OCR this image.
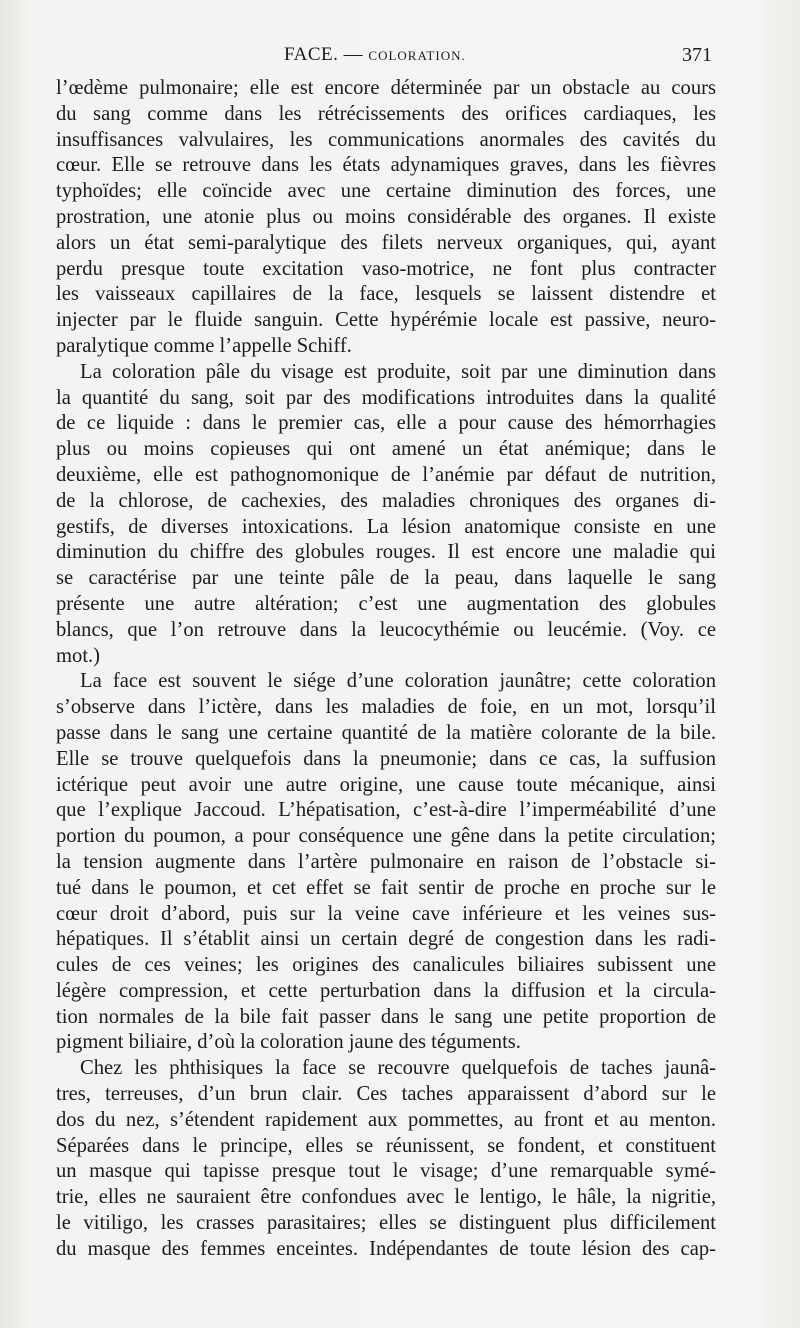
FACE. — COLORATION.	371
l’œdème pulmonaire; elle est encore déterminée par un obstacle au cours
du sang comme dans les rétrécissements des orifices cardiaques, les
insuffisances valvulaires, les communications anormales des cavités du
cœur. Elle se retrouve dans les états adynamiques graves, dans les fièvres
typhoïdes; elle coïncide avec une certaine diminution des forces, une
prostration, une atonie plus ou moins considérable des organes. Il existe
alors un état semi-paralytique des filets nerveux organiques, qui, ayant
perdu presque toute excitation vaso-motrice, ne font plus contracter
les vaisseaux capillaires de la face, lesquels se laissent distendre et
injecter par le fluide sanguin. Cette hypérémie locale est passive, neuro-
paralytique comme l’appelle Schiff.
La coloration pâle du visage est produite, soit par une diminution dans
la quantité du sang, soit par des modifications introduites dans la qualité
de ce liquide : dans le premier cas, elle a pour cause des hémorrhagies
plus ou moins copieuses qui ont amené un état anémique; dans le
deuxième, elle est pathognomonique de l’anémie par défaut de nutrition,
de la chlorose, de cachexies, des maladies chroniques des organes di-
gestifs, de diverses intoxications. La lésion anatomique consiste en une
diminution du chiffre des globules rouges. Il est encore une maladie qui
se caractérise par une teinte pâle de la peau, dans laquelle le sang
présente une autre altération; c’est une augmentation des globules
blancs, que l’on retrouve dans la leucocythémie ou leucémie. (Voy. ce
mot.)
La face est souvent le siége d’une coloration jaunâtre; cette coloration
s’observe dans l’ictère, dans les maladies de foie, en un mot, lorsqu’il
passe dans le sang une certaine quantité de la matière colorante de la bile.
Elle se trouve quelquefois dans la pneumonie; dans ce cas, la suffusion
ictérique peut avoir une autre origine, une cause toute mécanique, ainsi
que l’explique Jaccoud. L’hépatisation, c’est-à-dire l’imperméabilité d’une
portion du poumon, a pour conséquence une gêne dans la petite circulation;
la tension augmente dans l’artère pulmonaire en raison de l’obstacle si-
tué dans le poumon, et cet effet se fait sentir de proche en proche sur le
cœur droit d’abord, puis sur la veine cave inférieure et les veines sus-
hépatiques. Il s’établit ainsi un certain degré de congestion dans les radi-
cules de ces veines; les origines des canalicules biliaires subissent une
légère compression, et cette perturbation dans la diffusion et la circula-
tion normales de la bile fait passer dans le sang une petite proportion de
pigment biliaire, d’où la coloration jaune des téguments.
Chez les phthisiques la face se recouvre quelquefois de taches jaunâ-
tres, terreuses, d’un brun clair. Ces taches apparaissent d’abord sur le
dos du nez, s’étendent rapidement aux pommettes, au front et au menton.
Séparées dans le principe, elles se réunissent, se fondent, et constituent
un masque qui tapisse presque tout le visage; d’une remarquable symé-
trie, elles ne sauraient être confondues avec le lentigo, le hâle, la nigritie,
le vitiligo, les crasses parasitaires; elles se distinguent plus difficilement
du masque des femmes enceintes. Indépendantes de toute lésion des cap-
